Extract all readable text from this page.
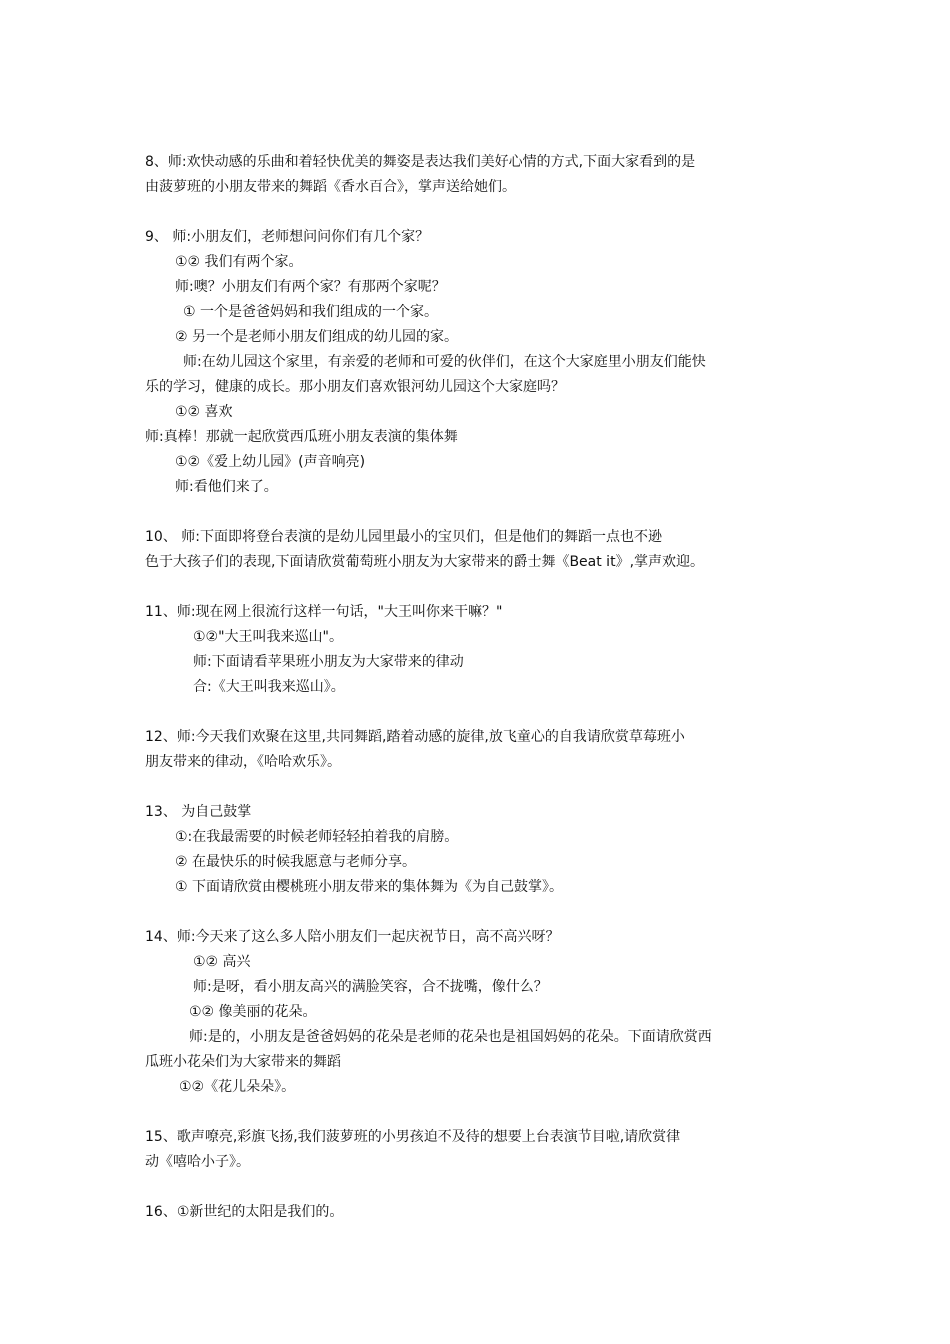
8、师:欢快动感的乐曲和着轻快优美的舞姿是表达我们美好心情的方式,下面大家看到的是
由菠萝班的小朋友带来的舞蹈《香水百合》，掌声送给她们。
9、 师:小朋友们，老师想问问你们有几个家？
①② 我们有两个家。
师:噢？小朋友们有两个家？有那两个家呢？
① 一个是爸爸妈妈和我们组成的一个家。
② 另一个是老师小朋友们组成的幼儿园的家。
师:在幼儿园这个家里，有亲爱的老师和可爱的伙伴们，在这个大家庭里小朋友们能快
乐的学习，健康的成长。那小朋友们喜欢银河幼儿园这个大家庭吗？
①② 喜欢
师:真棒！那就一起欣赏西瓜班小朋友表演的集体舞
①②《爱上幼儿园》(声音响亮)
师:看他们来了。
10、 师:下面即将登台表演的是幼儿园里最小的宝贝们，但是他们的舞蹈一点也不逊
色于大孩子们的表现,下面请欣赏葡萄班小朋友为大家带来的爵士舞《Beat it》,掌声欢迎。
11、师:现在网上很流行这样一句话，"大王叫你来干嘛？"
①②"大王叫我来巡山"。
师:下面请看苹果班小朋友为大家带来的律动
合:《大王叫我来巡山》。
12、师:今天我们欢聚在这里,共同舞蹈,踏着动感的旋律,放飞童心的自我请欣赏草莓班小
朋友带来的律动，《哈哈欢乐》。
13、 为自己鼓掌
①:在我最需要的时候老师轻轻拍着我的肩膀。
② 在最快乐的时候我愿意与老师分享。
① 下面请欣赏由樱桃班小朋友带来的集体舞为《为自己鼓掌》。
14、师:今天来了这么多人陪小朋友们一起庆祝节日，高不高兴呀？
①② 高兴
师:是呀，看小朋友高兴的满脸笑容，合不拢嘴，像什么？
①② 像美丽的花朵。
师:是的，小朋友是爸爸妈妈的花朵是老师的花朵也是祖国妈妈的花朵。下面请欣赏西
瓜班小花朵们为大家带来的舞蹈
①②《花儿朵朵》。
15、歌声嘹亮,彩旗飞扬,我们菠萝班的小男孩迫不及待的想要上台表演节目啦,请欣赏律
动《嘻哈小子》。
16、①新世纪的太阳是我们的。
